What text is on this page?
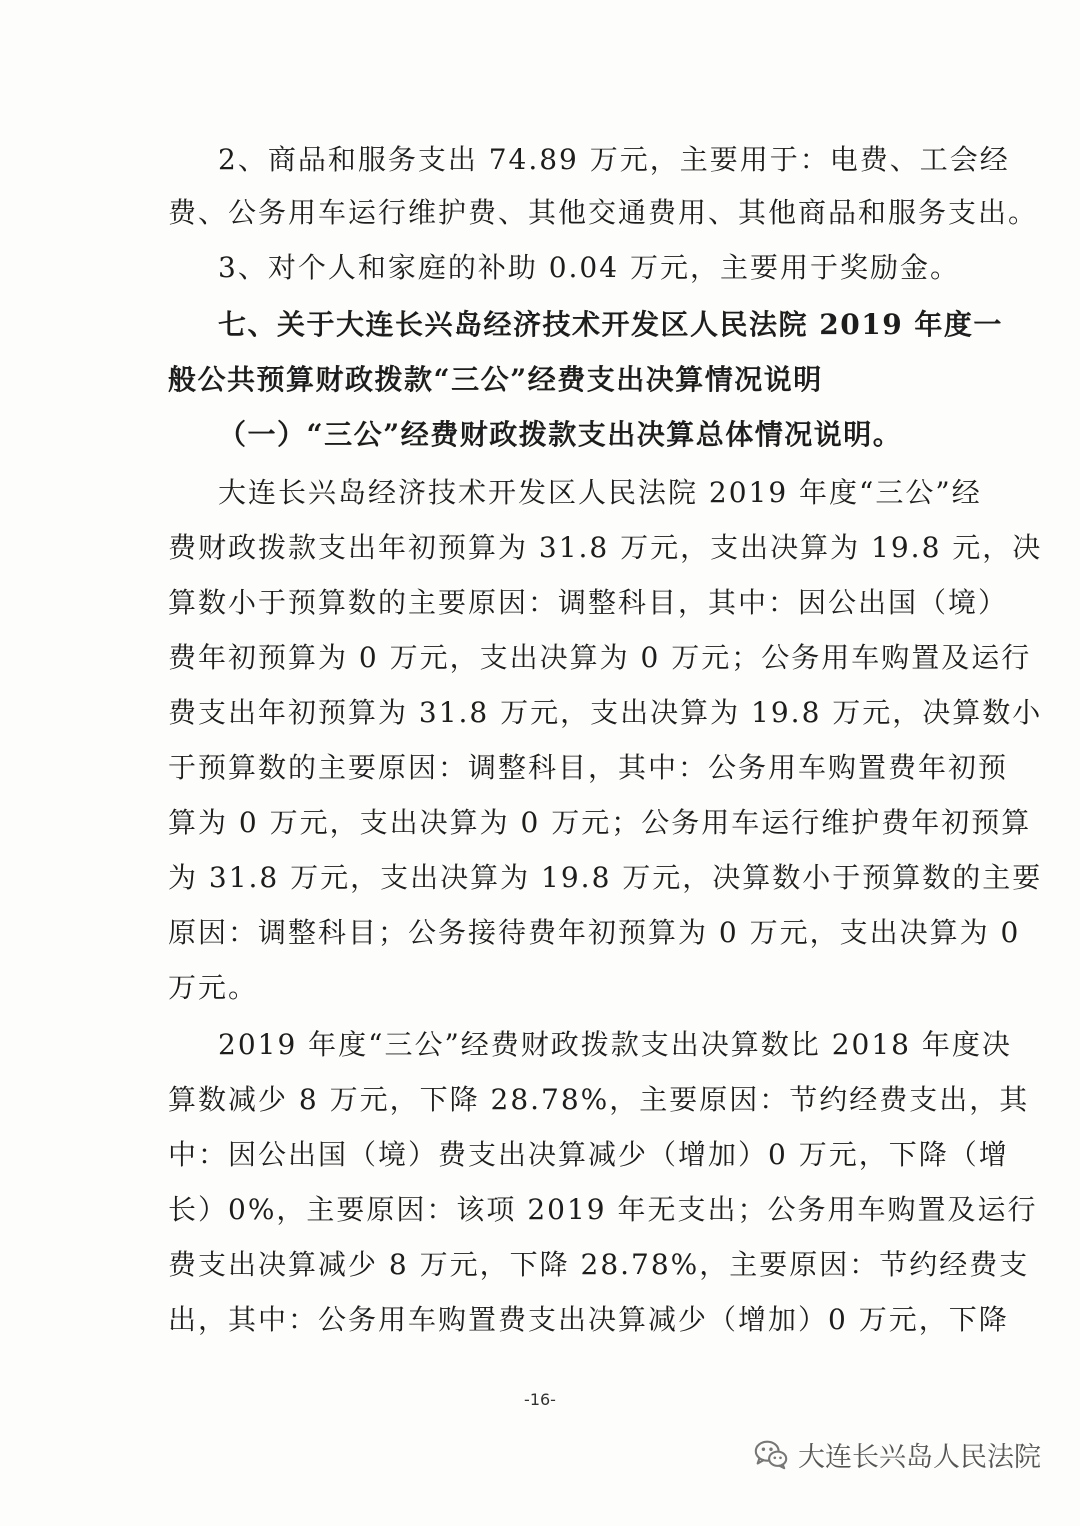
2、商品和服务支出 74.89 万元，主要用于：电费、工会经
费、公务用车运行维护费、其他交通费用、其他商品和服务支出。
3、对个人和家庭的补助 0.04 万元，主要用于奖励金。
七、关于大连长兴岛经济技术开发区人民法院 2019 年度一
般公共预算财政拨款“三公”经费支出决算情况说明
（一）“三公”经费财政拨款支出决算总体情况说明。
大连长兴岛经济技术开发区人民法院 2019 年度“三公”经
费财政拨款支出年初预算为 31.8 万元，支出决算为 19.8 元，决
算数小于预算数的主要原因：调整科目，其中：因公出国（境）
费年初预算为 0 万元，支出决算为 0 万元；公务用车购置及运行
费支出年初预算为 31.8 万元，支出决算为 19.8 万元，决算数小
于预算数的主要原因：调整科目，其中：公务用车购置费年初预
算为 0 万元，支出决算为 0 万元；公务用车运行维护费年初预算
为 31.8 万元，支出决算为 19.8 万元，决算数小于预算数的主要
原因：调整科目；公务接待费年初预算为 0 万元，支出决算为 0
万元。
2019 年度“三公”经费财政拨款支出决算数比 2018 年度决
算数减少 8 万元，下降 28.78%，主要原因：节约经费支出，其
中：因公出国（境）费支出决算减少（增加）0 万元，下降（增
长）0%，主要原因：该项 2019 年无支出；公务用车购置及运行
费支出决算减少 8 万元，下降 28.78%，主要原因：节约经费支
出，其中：公务用车购置费支出决算减少（增加）0 万元，下降
-16-
大连长兴岛人民法院
